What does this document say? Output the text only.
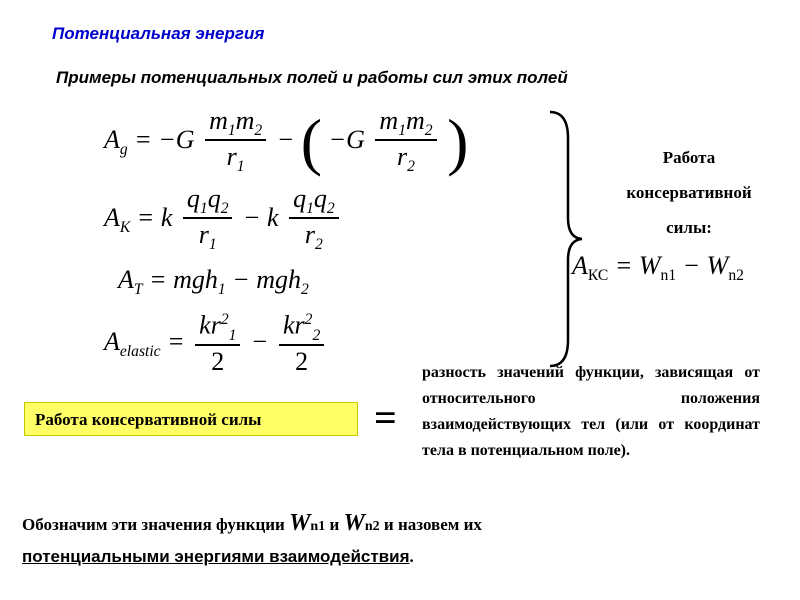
Потенциальная энергия
Примеры потенциальных полей и работы сил этих полей
$A_g = -G \frac{m_1m_2}{r_1}$ − ( $-G \frac{m_1m_2}{r_2}$ )
$A_K = k \frac{q_1q_2}{r_1} - k \frac{q_1q_2}{r_2}$
$A_T = mgh_1 - mgh_2$
$A_{elastic} = \frac{kr^2_1}{2} - \frac{kr^2_2}{2}$
Работа
консервативной
силы:
$A_{КС} = W_{n1} - W_{n2}$
Работа консервативной силы	=
разность значений функции, зависящая от относительного положения взаимодействующих тел (или от координат тела в потенциальном поле).
Обозначим эти значения функции Wn1 и Wn2 и назовем их
потенциальными энергиями взаимодействия.
